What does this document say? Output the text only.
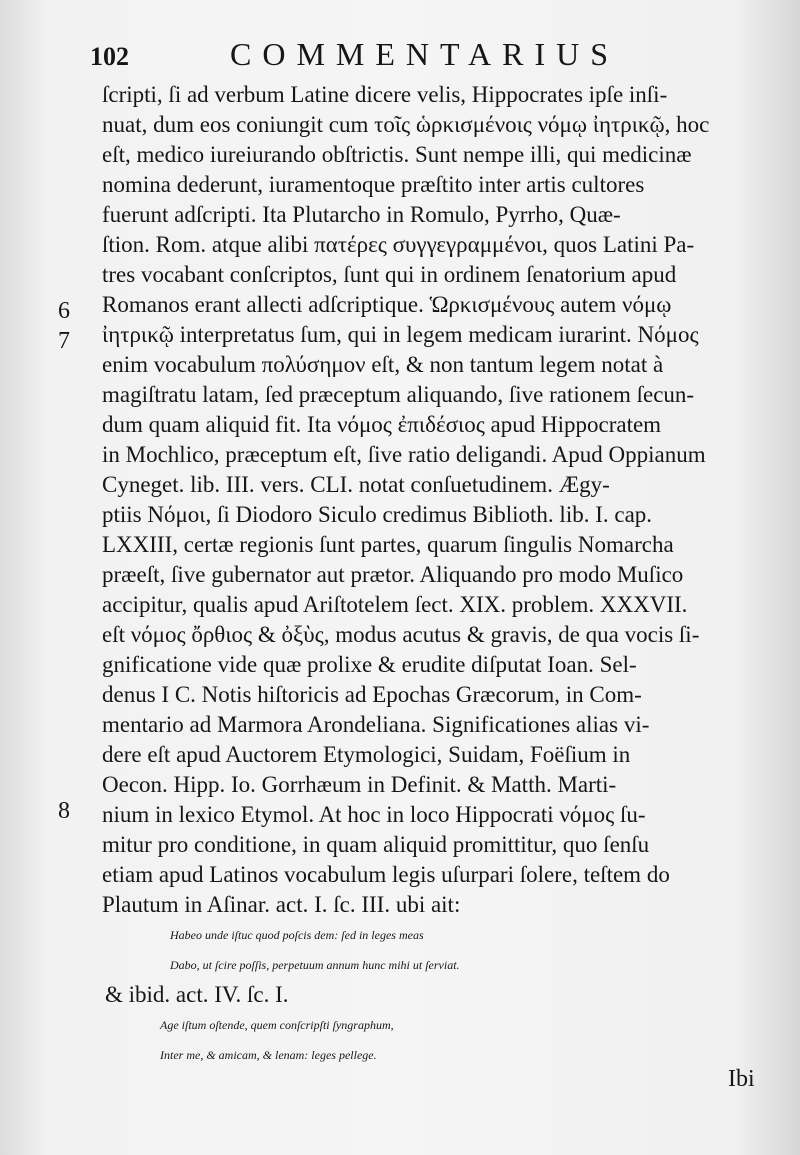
102	COMMENTARIUS
6
7
8
ſcripti, ſi ad verbum Latine dicere velis, Hippocrates ipſe inſi-
nuat, dum eos coniungit cum τοῖς ὡρκισμένοις νόμῳ ἰητρικῷ, hoc
eſt, medico iureiurando obſtrictis. Sunt nempe illi, qui medicinæ
nomina dederunt, iuramentoque præſtito inter artis cultores
fuerunt adſcripti. Ita Plutarcho in Romulo, Pyrrho, Quæ-
ſtion. Rom. atque alibi πατέρες συγγεγραμμένοι, quos Latini Pa-
tres vocabant conſcriptos, ſunt qui in ordinem ſenatorium apud
Romanos erant allecti adſcriptique. Ὡρκισμένους autem νόμῳ
ἰητρικῷ interpretatus ſum, qui in legem medicam iurarint. Νόμος
enim vocabulum πολύσημον eſt, & non tantum legem notat à
magiſtratu latam, ſed præceptum aliquando, ſive rationem ſecun-
dum quam aliquid fit. Ita νόμος ἐπιδέσιος apud Hippocratem
in Mochlico, præceptum eſt, ſive ratio deligandi. Apud Oppianum
Cyneget. lib. III. vers. CLI. notat conſuetudinem. Ægy-
ptiis Νόμοι, ſi Diodoro Siculo credimus Biblioth. lib. I. cap.
LXXIII, certæ regionis ſunt partes, quarum ſingulis Nomarcha
præeſt, ſive gubernator aut prætor. Aliquando pro modo Muſico
accipitur, qualis apud Ariſtotelem ſect. XIX. problem. XXXVII.
eſt νόμος ὄρθιος & ὀξὺς, modus acutus & gravis, de qua vocis ſi-
gnificatione vide quæ prolixe & erudite diſputat Ioan. Sel-
denus I C. Notis hiſtoricis ad Epochas Græcorum, in Com-
mentario ad Marmora Arondeliana. Significationes alias vi-
dere eſt apud Auctorem Etymologici, Suidam, Foëſium in
Oecon. Hipp. Io. Gorrhæum in Definit. & Matth. Marti-
nium in lexico Etymol. At hoc in loco Hippocrati νόμος ſu-
mitur pro conditione, in quam aliquid promittitur, quo ſenſu
etiam apud Latinos vocabulum legis uſurpari ſolere, teſtem do
Plautum in Aſinar. act. I. ſc. III. ubi ait:
Habeo unde iſtuc quod poſcis dem: ſed in leges meas
Dabo, ut ſcire poſſis, perpetuum annum hunc mihi ut ſerviat.
& ibid. act. IV. ſc. I.
Age iſtum oſtende, quem conſcripſti ſyngraphum,
Inter me, & amicam, & lenam: leges pellege.
Ibi
